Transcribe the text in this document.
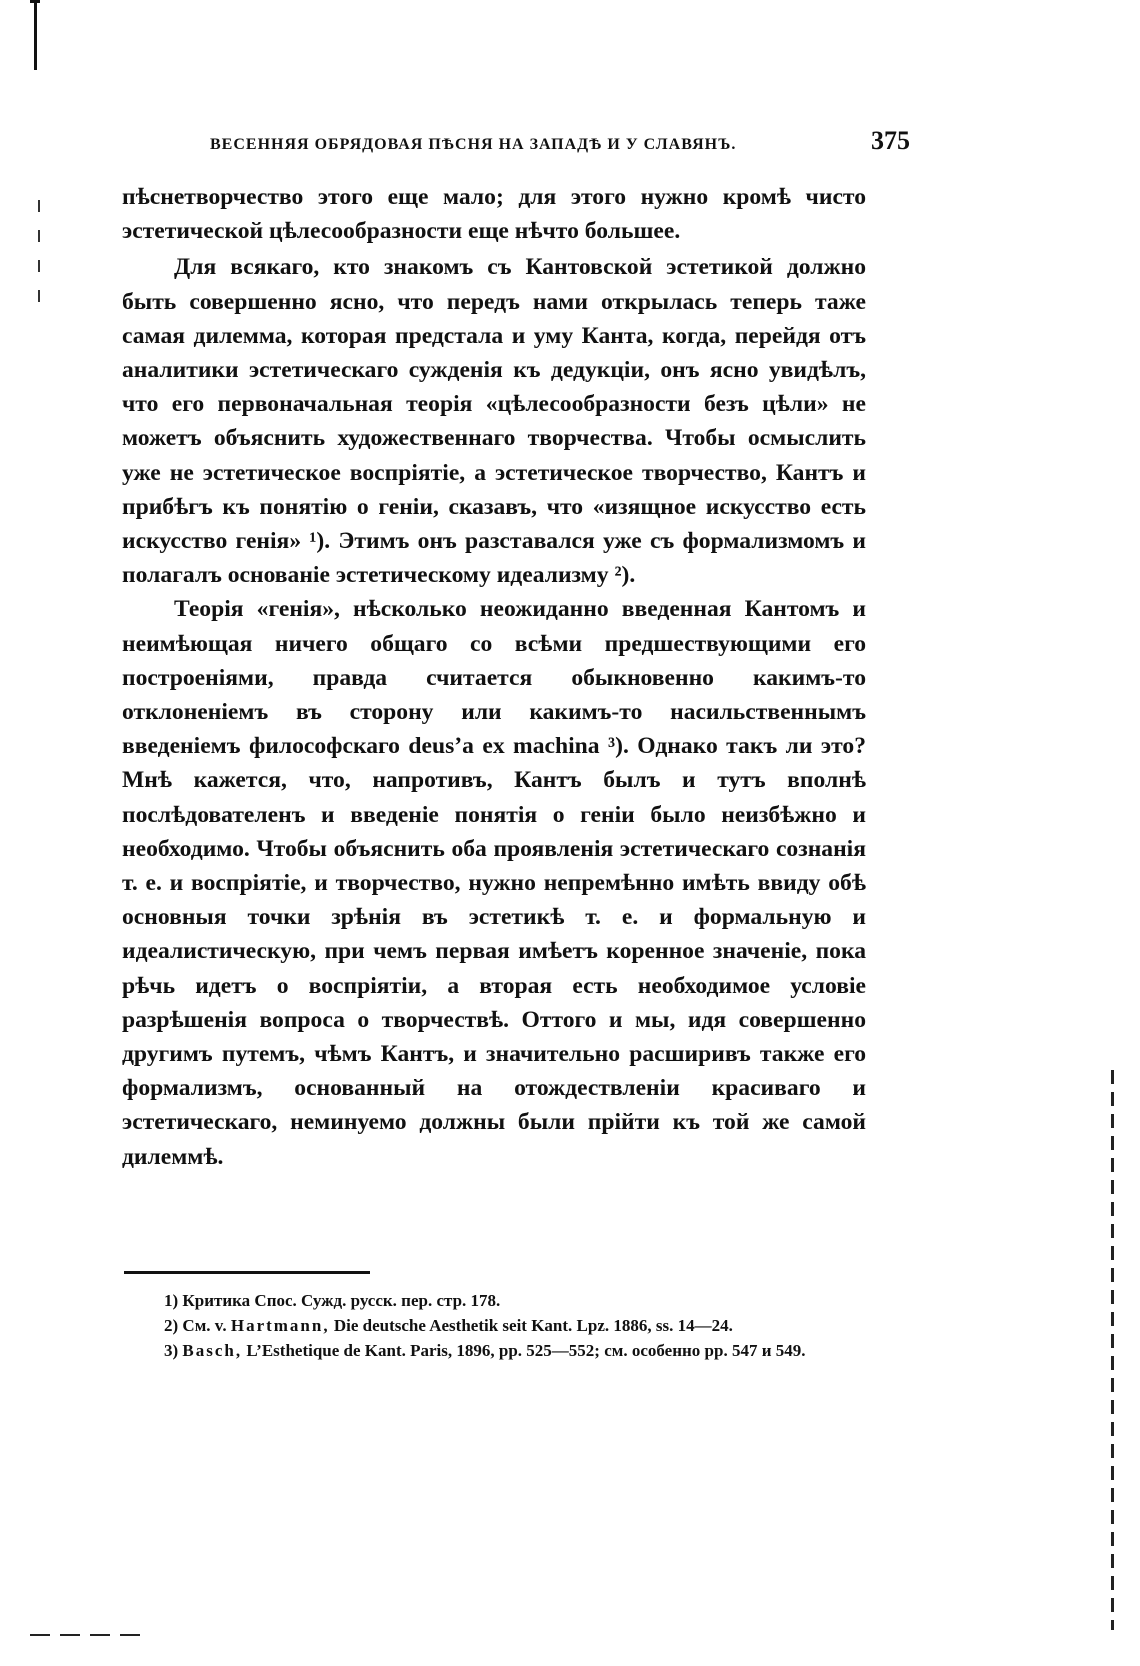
ВЕСЕННЯЯ ОБРЯДОВАЯ ПѢСНЯ НА ЗАПАДѢ И У СЛАВЯНЪ.	375

пѣснетворчество этого еще мало; для этого нужно кромѣ чисто эстетической цѣлесообразности еще нѣчто большее.

Для всякаго, кто знакомъ съ Кантовской эстетикой должно быть совершенно ясно, что передъ нами открылась теперь таже самая дилемма, которая предстала и уму Канта, когда, перейдя отъ аналитики эстетическаго сужденія къ дедукціи, онъ ясно увидѣлъ, что его первоначальная теорія «цѣлесообразности безъ цѣли» не можетъ объяснить художественнаго творчества. Чтобы осмыслить уже не эстетическое воспріятіе, а эстетическое творчество, Кантъ и прибѣгъ къ понятію о геніи, сказавъ, что «изящное искусство есть искусство генія» ¹). Этимъ онъ разставался уже съ формализмомъ и полагалъ основаніе эстетическому идеализму ²).

Теорія «генія», нѣсколько неожиданно введенная Кантомъ и неимѣющая ничего общаго со всѣми предшествующими его построеніями, правда считается обыкновенно какимъ-то отклоненіемъ въ сторону или какимъ-то насильственнымъ введеніемъ философскаго deus’a ex machina ³). Однако такъ ли это? Мнѣ кажется, что, напротивъ, Кантъ былъ и тутъ вполнѣ послѣдователенъ и введеніе понятія о геніи было неизбѣжно и необходимо. Чтобы объяснить оба проявленія эстетическаго сознанія т. е. и воспріятіе, и творчество, нужно непремѣнно имѣть ввиду обѣ основныя точки зрѣнія въ эстетикѣ т. е. и формальную и идеалистическую, при чемъ первая имѣетъ коренное значеніе, пока рѣчь идетъ о воспріятіи, а вторая есть необходимое условіе разрѣшенія вопроса о творчествѣ. Оттого и мы, идя совершенно другимъ путемъ, чѣмъ Кантъ, и значительно расширивъ также его формализмъ, основанный на отождествленіи красиваго и эстетическаго, неминуемо должны были прійти къ той же самой дилеммѣ.

1) Критика Спос. Сужд. русск. пер. стр. 178.

2) См. v. Hartmann, Die deutsche Aesthetik seit Kant. Lpz. 1886, ss. 14—24.

3) Basch, L’Esthetique de Kant. Paris, 1896, pp. 525—552; см. особенно рр. 547 и 549.
